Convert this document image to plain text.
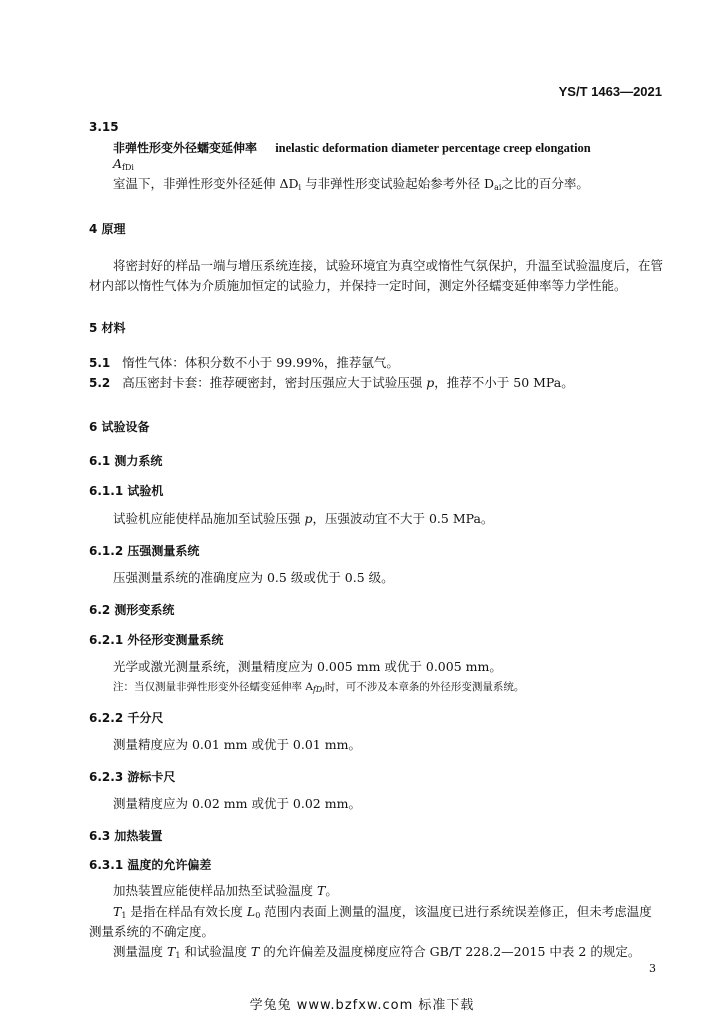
YS/T 1463—2021
3.15
非弹性形变外径蠕变延伸率 inelastic deformation diameter percentage creep elongation
$A_{fDi}$
室温下，非弹性形变外径延伸 $\Delta D_i$ 与非弹性形变试验起始参考外径 $D_{ai}$之比的百分率。
4 原理
将密封好的样品一端与增压系统连接，试验环境宜为真空或惰性气氛保护，升温至试验温度后，在管
材内部以惰性气体为介质施加恒定的试验力，并保持一定时间，测定外径蠕变延伸率等力学性能。
5 材料
5.1 惰性气体：体积分数不小于 99.99%，推荐氩气。
5.2 高压密封卡套：推荐硬密封，密封压强应大于试验压强 p，推荐不小于 50 MPa。
6 试验设备
6.1 测力系统
6.1.1 试验机
试验机应能使样品施加至试验压强 p，压强波动宜不大于 0.5 MPa。
6.1.2 压强测量系统
压强测量系统的准确度应为 0.5 级或优于 0.5 级。
6.2 测形变系统
6.2.1 外径形变测量系统
光学或激光测量系统，测量精度应为 0.005 mm 或优于 0.005 mm。
注：当仅测量非弹性形变外径蠕变延伸率 $A_{fDi}$时，可不涉及本章条的外径形变测量系统。
6.2.2 千分尺
测量精度应为 0.01 mm 或优于 0.01 mm。
6.2.3 游标卡尺
测量精度应为 0.02 mm 或优于 0.02 mm。
6.3 加热装置
6.3.1 温度的允许偏差
加热装置应能使样品加热至试验温度 T。
$T_1$ 是指在样品有效长度 $L_0$ 范围内表面上测量的温度，该温度已进行系统误差修正，但未考虑温度
测量系统的不确定度。
测量温度 $T_1$ 和试验温度 T 的允许偏差及温度梯度应符合 GB/T 228.2—2015 中表 2 的规定。
3
学兔兔 www.bzfxw.com 标准下载
